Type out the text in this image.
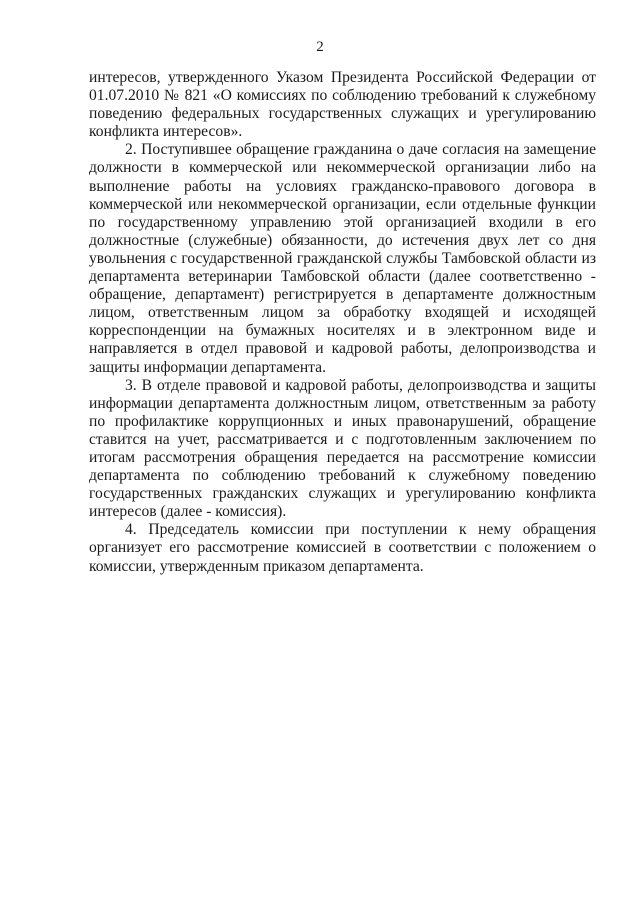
2

интересов, утвержденного Указом Президента Российской Федерации от 01.07.2010 № 821 «О комиссиях по соблюдению требований к служебному поведению федеральных государственных служащих и урегулированию конфликта интересов».

2. Поступившее обращение гражданина о даче согласия на замещение должности в коммерческой или некоммерческой организации либо на выполнение работы на условиях гражданско-правового договора в коммерческой или некоммерческой организации, если отдельные функции по государственному управлению этой организацией входили в его должностные (служебные) обязанности, до истечения двух лет со дня увольнения с государственной гражданской службы Тамбовской области из департамента ветеринарии Тамбовской области (далее соответственно - обращение, департамент) регистрируется в департаменте должностным лицом, ответственным лицом за обработку входящей и исходящей корреспонденции на бумажных носителях и в электронном виде и направляется в отдел правовой и кадровой работы, делопроизводства и защиты информации департамента.

3. В отделе правовой и кадровой работы, делопроизводства и защиты информации департамента должностным лицом, ответственным за работу по профилактике коррупционных и иных правонарушений, обращение ставится на учет, рассматривается и с подготовленным заключением по итогам рассмотрения обращения передается на рассмотрение комиссии департамента по соблюдению требований к служебному поведению государственных гражданских служащих и урегулированию конфликта интересов (далее - комиссия).

4. Председатель комиссии при поступлении к нему обращения организует его рассмотрение комиссией в соответствии с положением о комиссии, утвержденным приказом департамента.
